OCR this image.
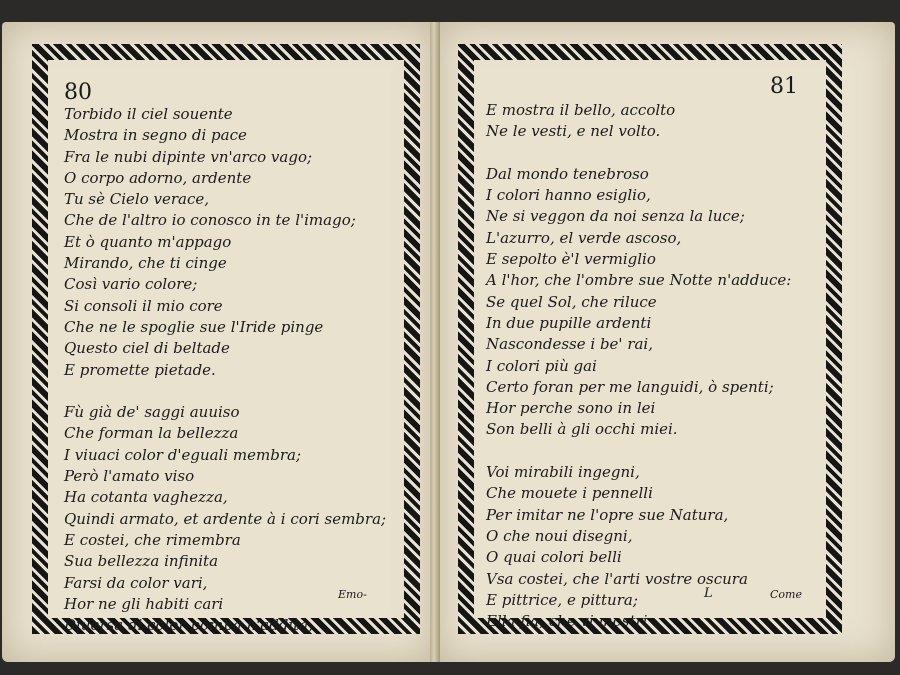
80	81
Torbido il ciel souente
Mostra in segno di pace
Fra le nubi dipinte vn'arco vago;
O corpo adorno, ardente
Tu sè Cielo verace,
Che de l'altro io conosco in te l'imago;
Et ò quanto m'appago
Mirando, che ti cinge
Così vario colore;
Si consoli il mio core
Che ne le spoglie sue l'Iride pinge
Questo ciel di beltade
E promette pietade.
Fù già de' saggi auuiso
Che forman la bellezza
I viuaci color d'eguali membra;
Però l'amato viso
Ha cotanta vaghezza,
Quindi armato, et ardente à i cori sembra;
E costei, che rimembra
Sua bellezza infinita
Farsi da color vari,
Hor ne gli habiti cari
Diuersa di color pompa n'addita,
E mostra il bello, accolto
Ne le vesti, e nel volto.
Dal mondo tenebroso
I colori hanno esiglio,
Ne si veggon da noi senza la luce;
L'azurro, el verde ascoso,
E sepolto è'l vermiglio
A l'hor, che l'ombre sue Notte n'adduce:
Se quel Sol, che riluce
In due pupille ardenti
Nascondesse i be' rai,
I colori più gai
Certo foran per me languidi, ò spenti;
Hor perche sono in lei
Son belli à gli occhi miei.
Voi mirabili ingegni,
Che mouete i pennelli
Per imitar ne l'opre sue Natura,
O che noui disegni,
O quai colori belli
Vsa costei, che l'arti vostre oscura
E pittrice, e pittura;
Ella fia, che vi mostri
Emo-	L	Come
